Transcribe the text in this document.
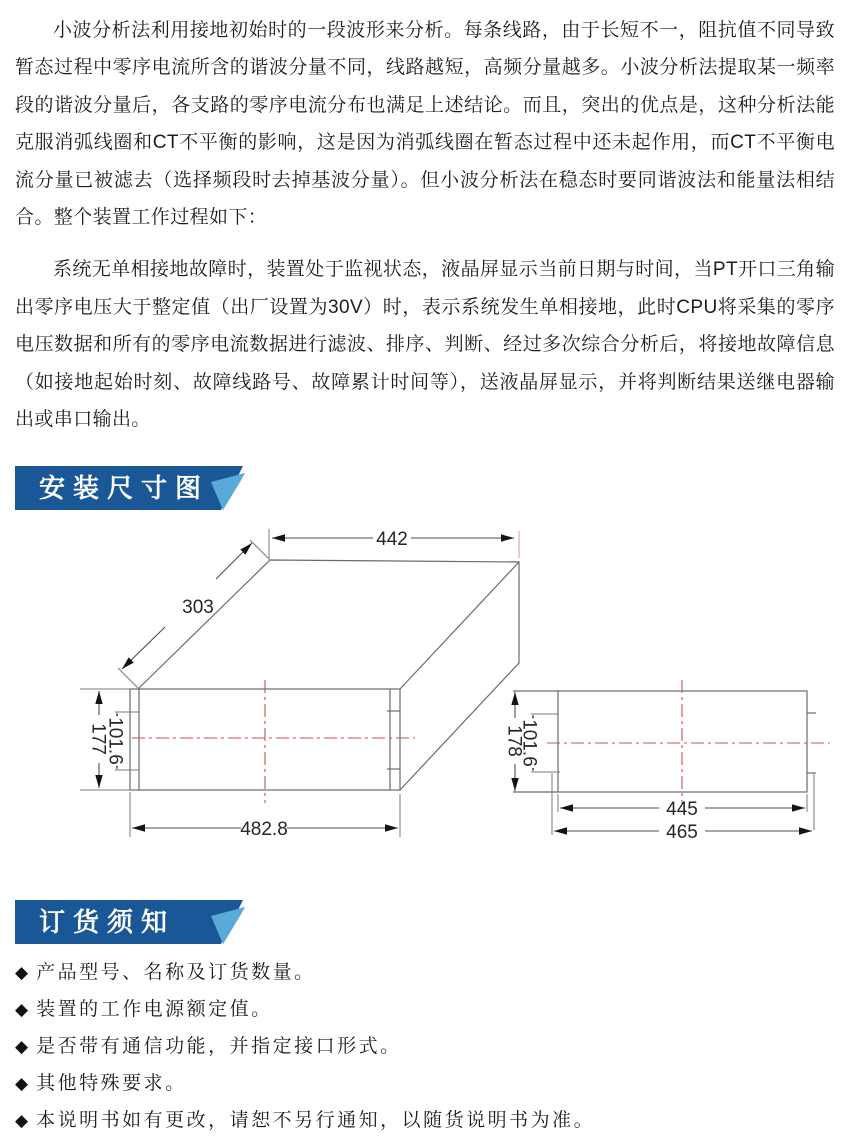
小波分析法利用接地初始时的一段波形来分析。每条线路，由于长短不一，阻抗值不同导致暂态过程中零序电流所含的谐波分量不同，线路越短，高频分量越多。小波分析法提取某一频率段的谐波分量后，各支路的零序电流分布也满足上述结论。而且，突出的优点是，这种分析法能克服消弧线圈和CT不平衡的影响，这是因为消弧线圈在暂态过程中还未起作用，而CT不平衡电流分量已被滤去（选择频段时去掉基波分量）。但小波分析法在稳态时要同谐波法和能量法相结合。整个装置工作过程如下：

系统无单相接地故障时，装置处于监视状态，液晶屏显示当前日期与时间，当PT开口三角输出零序电压大于整定值（出厂设置为30V）时，表示系统发生单相接地，此时CPU将采集的零序电压数据和所有的零序电流数据进行滤波、排序、判断、经过多次综合分析后，将接地故障信息（如接地起始时刻、故障线路号、故障累计时间等），送液晶屏显示，并将判断结果送继电器输出或串口输出。

安装尺寸图
442
303
177
101.6
482.8
178
101.6
445
465
订货须知
◆ 产品型号、名称及订货数量。
◆ 装置的工作电源额定值。
◆ 是否带有通信功能，并指定接口形式。
◆ 其他特殊要求。
◆ 本说明书如有更改，请恕不另行通知，以随货说明书为准。
